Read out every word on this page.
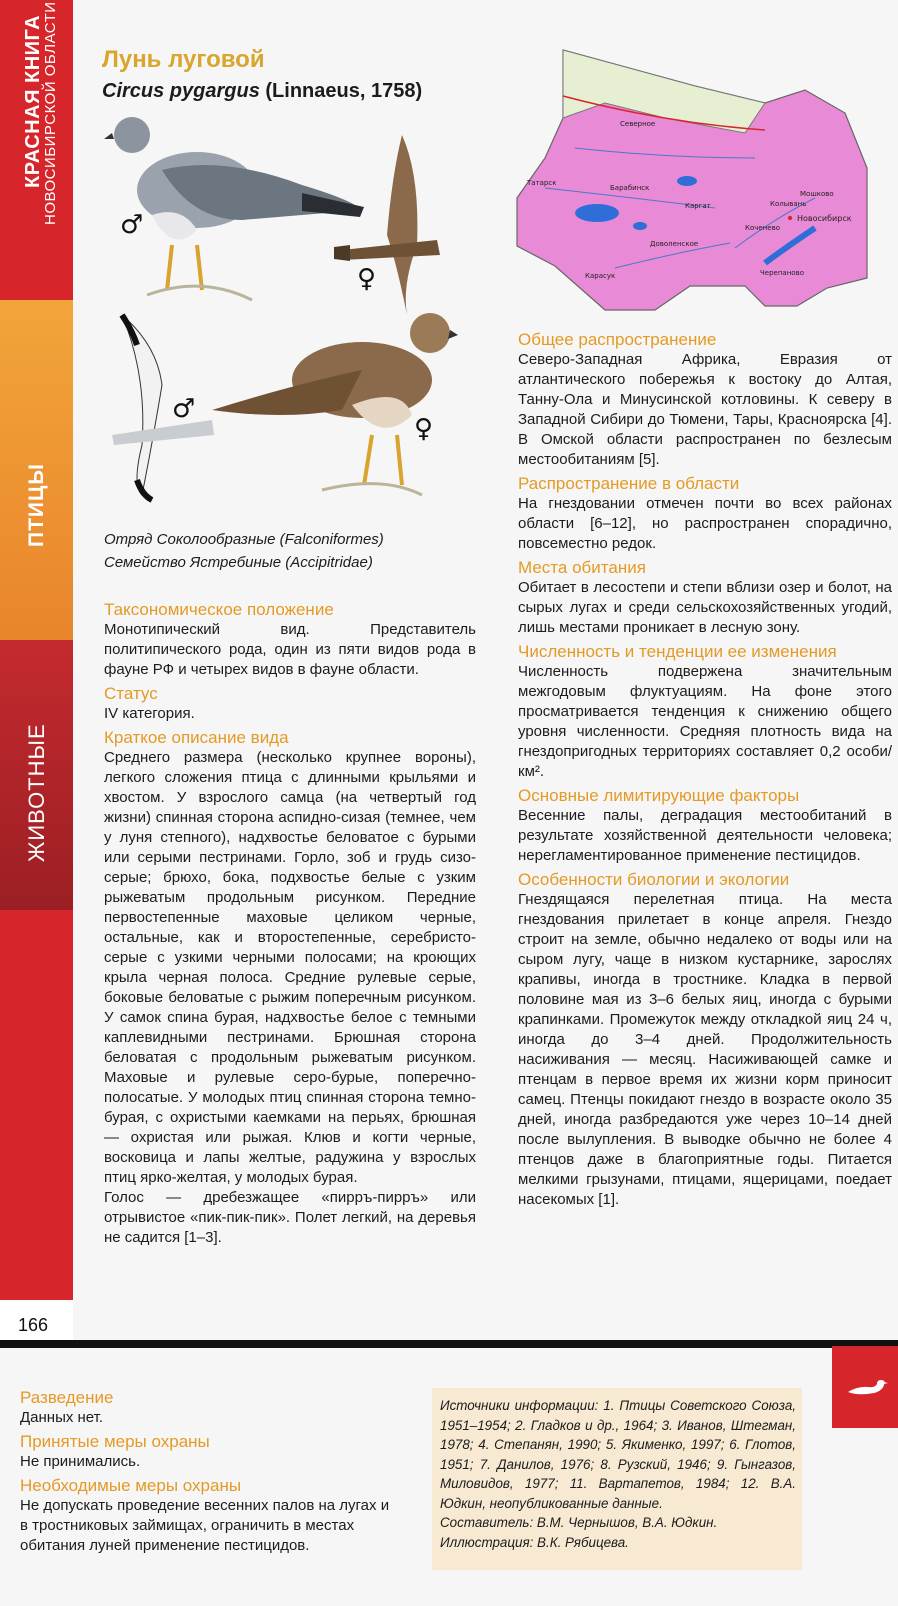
КРАСНАЯ КНИГА
НОВОСИБИРСКОЙ ОБЛАСТИ
ПТИЦЫ
ЖИВОТНЫЕ
166
Лунь луговой
Circus pygargus (Linnaeus, 1758)
♂
♀
♂
♀
Отряд Соколообразные (Falconiformes)
Семейство Ястребиные (Accipitridae)
Северное
Татарск
Барабинск
Каргат	Колывань
Мошково
Новосибирск
Коченево
Доволенское
Карасук	Черепаново

Таксономическое положение

Монотипический вид. Представитель политипического рода, один из пяти видов рода в фауне РФ и четырех видов в фауне области.

Статус

IV категория.

Краткое описание вида

Среднего размера (несколько крупнее вороны), легкого сложения птица с длинными крыльями и хвостом. У взрослого самца (на четвертый год жизни) спинная сторона аспидно-сизая (темнее, чем у луня степного), надхвостье беловатое с бурыми или серыми пестринами. Горло, зоб и грудь сизо-серые; брюхо, бока, подхвостье белые с узким рыжеватым продольным рисунком. Передние первостепенные маховые целиком черные, остальные, как и второстепенные, серебристо-серые с узкими черными полосами; на кроющих крыла черная полоса. Средние рулевые серые, боковые беловатые с рыжим поперечным рисунком. У самок спина бурая, надхвостье белое с темными каплевидными пестринами. Брюшная сторона беловатая с продольным рыжеватым рисунком. Маховые и рулевые серо-бурые, поперечно-полосатые. У молодых птиц спинная сторона темно-бурая, с охристыми каемками на перьях, брюшная — охристая или рыжая. Клюв и когти черные, восковица и лапы желтые, радужина у взрослых птиц ярко-желтая, у молодых бурая.

Голос — дребезжащее «пирръ-пирръ» или отрывистое «пик-пик-пик». Полет легкий, на деревья не садится [1–3].

Общее распространение

Северо-Западная Африка, Евразия от атлантического побережья к востоку до Алтая, Танну-Ола и Минусинской котловины. К северу в Западной Сибири до Тюмени, Тары, Красноярска [4]. В Омской области распространен по безлесым местообитаниям [5].

Распространение в области

На гнездовании отмечен почти во всех районах области [6–12], но распространен спорадично, повсеместно редок.

Места обитания

Обитает в лесостепи и степи вблизи озер и болот, на сырых лугах и среди сельскохозяйственных угодий, лишь местами проникает в лесную зону.

Численность и тенденции ее изменения

Численность подвержена значительным межгодовым флуктуациям. На фоне этого просматривается тенденция к снижению общего уровня численности. Средняя плотность вида на гнездопригодных территориях составляет 0,2 особи/км².

Основные лимитирующие факторы

Весенние палы, деградация местообитаний в результате хозяйственной деятельности человека; нерегламентированное применение пестицидов.

Особенности биологии и экологии

Гнездящаяся перелетная птица. На места гнездования прилетает в конце апреля. Гнездо строит на земле, обычно недалеко от воды или на сыром лугу, чаще в низком кустарнике, зарослях крапивы, иногда в тростнике. Кладка в первой половине мая из 3–6 белых яиц, иногда с бурыми крапинками. Промежуток между откладкой яиц 24 ч, иногда до 3–4 дней. Продолжительность насиживания — месяц. Насиживающей самке и птенцам в первое время их жизни корм приносит самец. Птенцы покидают гнездо в возрасте около 35 дней, иногда разбредаются уже через 10–14 дней после вылупления. В выводке обычно не более 4 птенцов даже в благоприятные годы. Питается мелкими грызунами, птицами, ящерицами, поедает насекомых [1].

Разведение

Данных нет.

Принятые меры охраны

Не принимались.

Необходимые меры охраны

Не допускать проведение весенних палов на лугах и в тростниковых займищах, ограничить в местах обитания луней применение пестицидов.

Источники информации: 1. Птицы Советского Союза, 1951–1954; 2. Гладков и др., 1964; 3. Иванов, Штегман, 1978; 4. Степанян, 1990; 5. Якименко, 1997; 6. Глотов, 1951; 7. Данилов, 1976; 8. Рузский, 1946; 9. Гынгазов, Миловидов, 1977; 11. Вартапетов, 1984; 12. В.А. Юдкин, неопубликованные данные.

Составитель: В.М. Чернышов, В.А. Юдкин.

Иллюстрация: В.К. Рябицева.
